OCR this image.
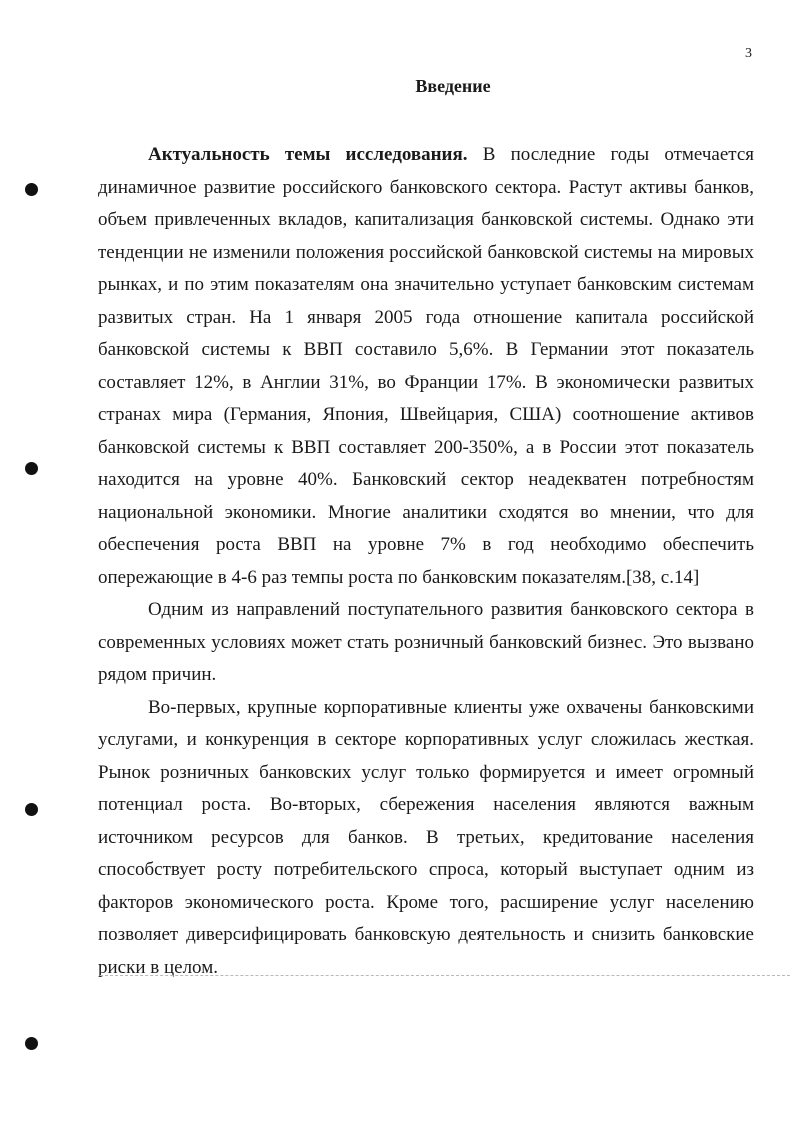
3
Введение

Актуальность темы исследования. В последние годы отмечается динамичное развитие российского банковского сектора. Растут активы банков, объем привлеченных вкладов, капитализация банковской системы. Однако эти тенденции не изменили положения российской банковской системы на мировых рынках, и по этим показателям она значительно уступает банковским системам развитых стран. На 1 января 2005 года отношение капитала российской банковской системы к ВВП составило 5,6%. В Германии этот показатель составляет 12%, в Англии 31%, во Франции 17%. В экономически развитых странах мира (Германия, Япония, Швейцария, США) соотношение активов банковской системы к ВВП составляет 200-350%, а в России этот показатель находится на уровне 40%. Банковский сектор неадекватен потребностям национальной экономики. Многие аналитики сходятся во мнении, что для обеспечения роста ВВП на уровне 7% в год необходимо обеспечить опережающие в 4-6 раз темпы роста по банковским показателям.[38, с.14]

Одним из направлений поступательного развития банковского сектора в современных условиях может стать розничный банковский бизнес. Это вызвано рядом причин.

Во-первых, крупные корпоративные клиенты уже охвачены банковскими услугами, и конкуренция в секторе корпоративных услуг сложилась жесткая. Рынок розничных банковских услуг только формируется и имеет огромный потенциал роста. Во-вторых, сбережения населения являются важным источником ресурсов для банков. В третьих, кредитование населения способствует росту потребительского спроса, который выступает одним из факторов экономического роста. Кроме того, расширение услуг населению позволяет диверсифицировать банковскую деятельность и снизить банковские риски в целом.
